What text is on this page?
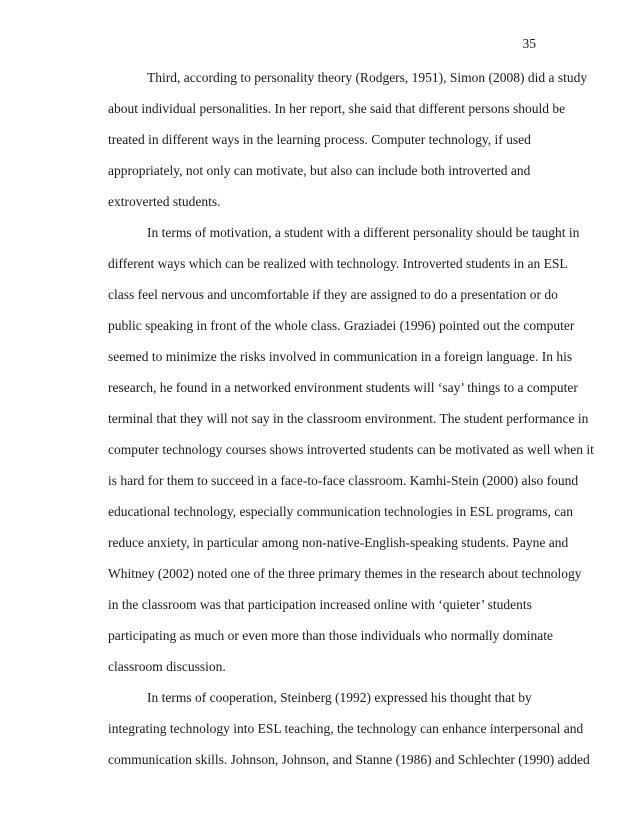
35
Third, according to personality theory (Rodgers, 1951), Simon (2008) did a study
about individual personalities. In her report, she said that different persons should be
treated in different ways in the learning process. Computer technology, if used
appropriately, not only can motivate, but also can include both introverted and
extroverted students.
In terms of motivation, a student with a different personality should be taught in
different ways which can be realized with technology. Introverted students in an ESL
class feel nervous and uncomfortable if they are assigned to do a presentation or do
public speaking in front of the whole class. Graziadei (1996) pointed out the computer
seemed to minimize the risks involved in communication in a foreign language. In his
research, he found in a networked environment students will ‘say’ things to a computer
terminal that they will not say in the classroom environment. The student performance in
computer technology courses shows introverted students can be motivated as well when it
is hard for them to succeed in a face-to-face classroom. Kamhi-Stein (2000) also found
educational technology, especially communication technologies in ESL programs, can
reduce anxiety, in particular among non-native-English-speaking students. Payne and
Whitney (2002) noted one of the three primary themes in the research about technology
in the classroom was that participation increased online with ‘quieter’ students
participating as much or even more than those individuals who normally dominate
classroom discussion.
In terms of cooperation, Steinberg (1992) expressed his thought that by
integrating technology into ESL teaching, the technology can enhance interpersonal and
communication skills. Johnson, Johnson, and Stanne (1986) and Schlechter (1990) added
